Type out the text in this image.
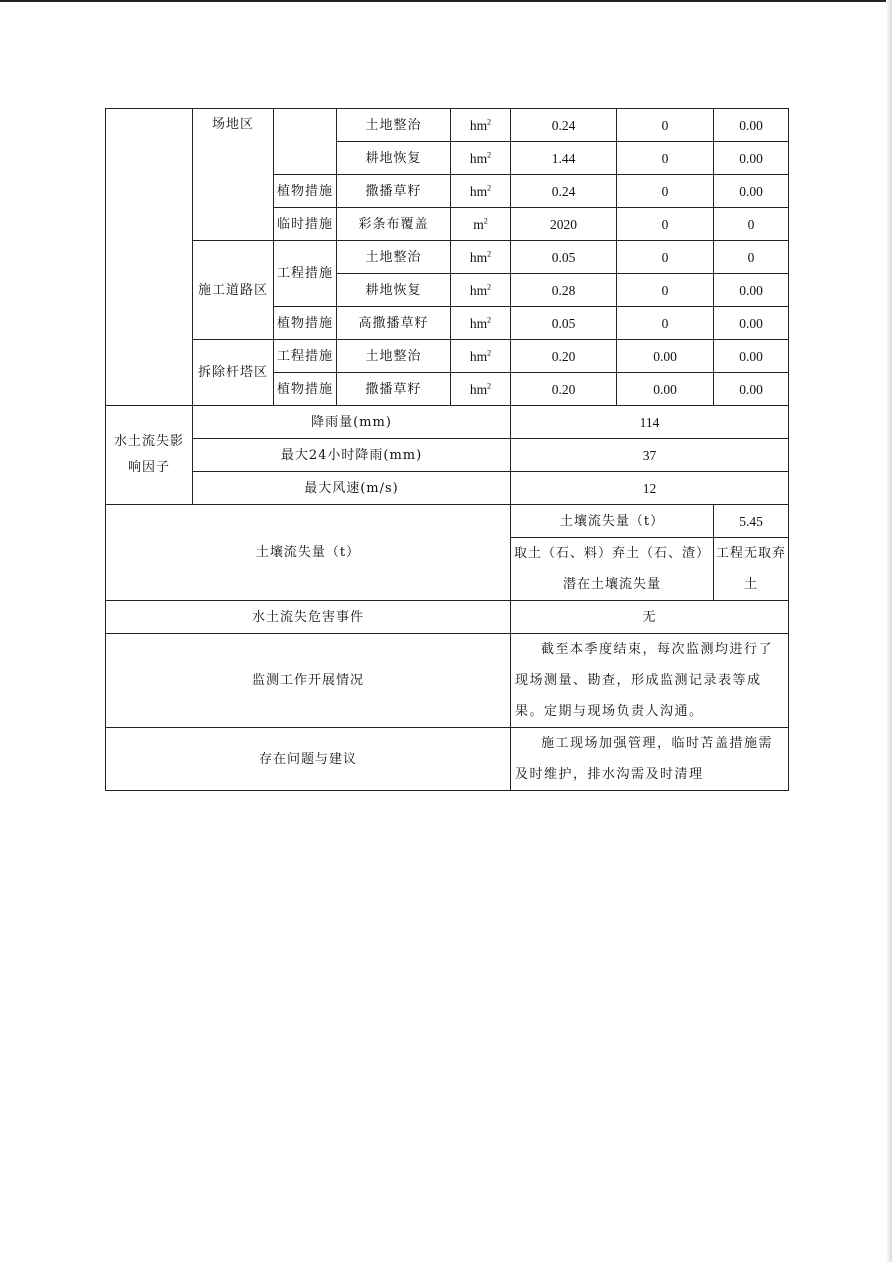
	场地区		土地整治	$hm^2$	0.24	0	0.00
			耕地恢复	$hm^2$	1.44	0	0.00
		植物措施	撒播草籽	$hm^2$	0.24	0	0.00
		临时措施	彩条布覆盖	$m^2$	2020	0	0
	施工道路区	工程措施	土地整治	$hm^2$	0.05	0	0
			耕地恢复	$hm^2$	0.28	0	0.00
		植物措施	高撒播草籽	$hm^2$	0.05	0	0.00
	拆除杆塔区	工程措施	土地整治	$hm^2$	0.20	0.00	0.00
		植物措施	撒播草籽	$hm^2$	0.20	0.00	0.00
水土流失影响因子	降雨量(mm)				114		
	最大24小时降雨(mm)				37		
	最大风速(m/s)				12		
土壤流失量（t）					土壤流失量（t）		5.45
					取土（石、料）弃土（石、渣）潜在土壤流失量		工程无取弃土
水土流失危害事件					无		
监测工作开展情况					截至本季度结束，每次监测均进行了现场测量、勘查，形成监测记录表等成果。定期与现场负责人沟通。		
存在问题与建议					施工现场加强管理，临时苫盖措施需及时维护，排水沟需及时清理		
